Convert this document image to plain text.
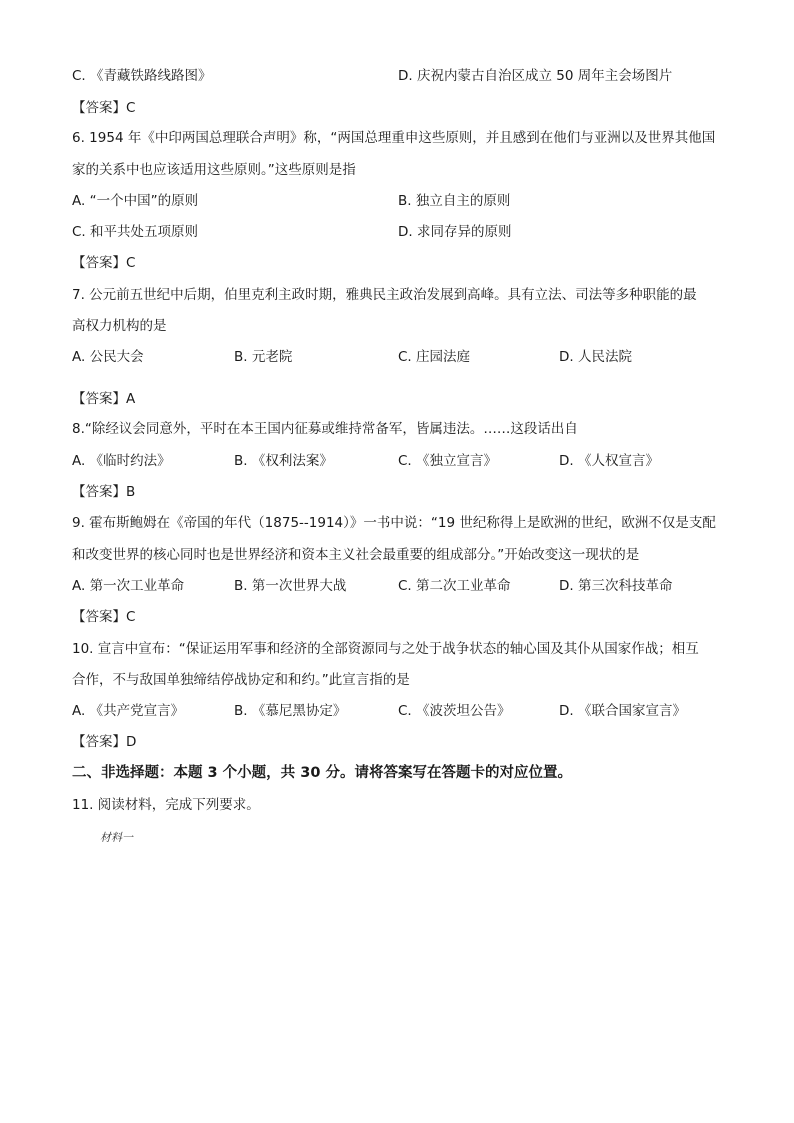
C. 《青藏铁路线路图》	D. 庆祝内蒙古自治区成立 50 周年主会场图片
【答案】C
6. 1954 年《中印两国总理联合声明》称，“两国总理重申这些原则，并且感到在他们与亚洲以及世界其他国
家的关系中也应该适用这些原则。”这些原则是指
A. “一个中国”的原则	B. 独立自主的原则
C. 和平共处五项原则	D. 求同存异的原则
【答案】C
7. 公元前五世纪中后期，伯里克利主政时期，雅典民主政治发展到高峰。具有立法、司法等多种职能的最
高权力机构的是
A. 公民大会	B. 元老院	C. 庄园法庭	D. 人民法院
【答案】A
8.“除经议会同意外，平时在本王国内征募或维持常备军，皆属违法。……这段话出自
A. 《临时约法》	B. 《权利法案》	C. 《独立宣言》	D. 《人权宣言》
【答案】B
9. 霍布斯鲍姆在《帝国的年代（1875--1914）》一书中说：“19 世纪称得上是欧洲的世纪，欧洲不仅是支配
和改变世界的核心同时也是世界经济和资本主义社会最重要的组成部分。”开始改变这一现状的是
A. 第一次工业革命	B. 第一次世界大战	C. 第二次工业革命	D. 第三次科技革命
【答案】C
10. 宣言中宣布：“保证运用军事和经济的全部资源同与之处于战争状态的轴心国及其仆从国家作战；相互
合作，不与敌国单独缔结停战协定和和约。”此宣言指的是
A. 《共产党宣言》	B. 《慕尼黑协定》	C. 《波茨坦公告》	D. 《联合国家宣言》
【答案】D
二、非选择题：本题 3 个小题，共 30 分。请将答案写在答题卡的对应位置。
11. 阅读材料，完成下列要求。
材料一
